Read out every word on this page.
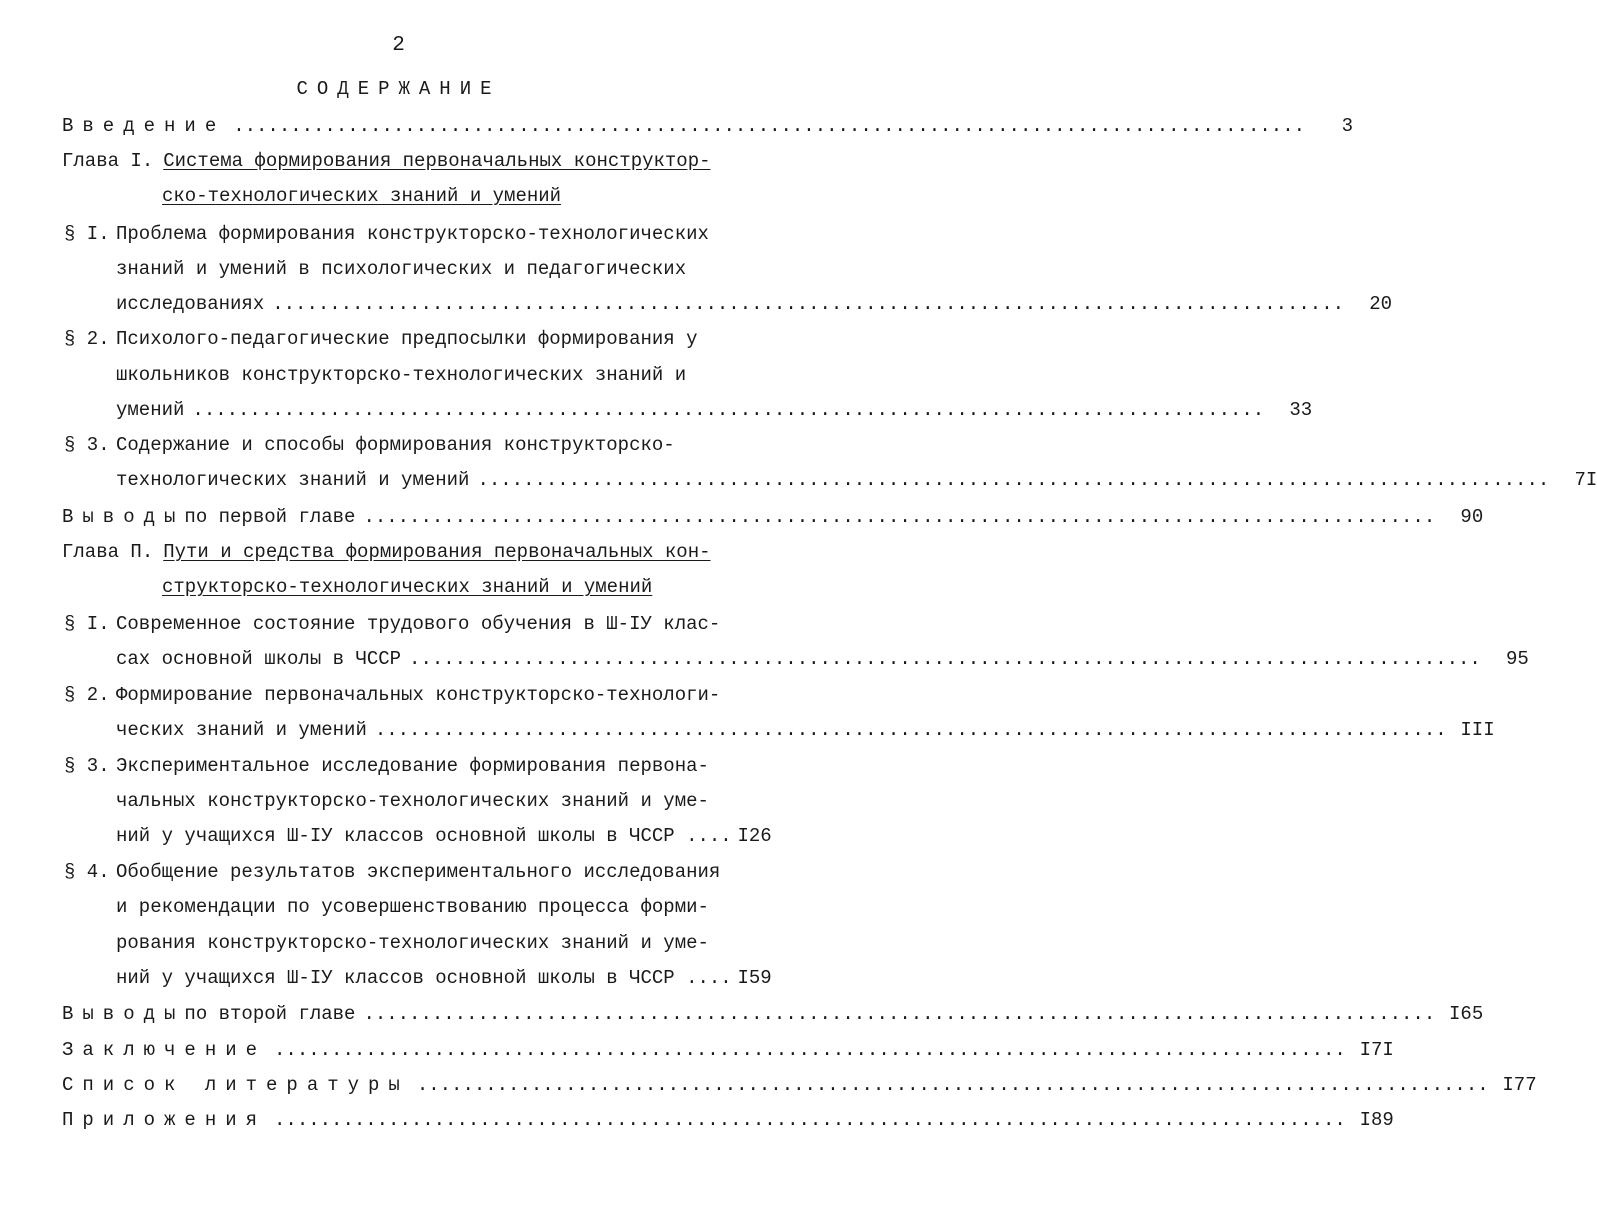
2
СОДЕРЖАНИЕ
Введение ..............................................................................................	3
Глава I. Система формирования первоначальных конструктор-
ско-технологических знаний и умений
§ I. Проблема формирования конструкторско-технологических
знаний и умений в психологических и педагогических
исследованиях ..............................................................................................	20
§ 2. Психолого-педагогические предпосылки формирования у
школьников конструкторско-технологических знаний и
умений ..............................................................................................	33
§ 3. Содержание и способы формирования конструкторско-
технологических знаний и умений ..............................................................................................	7I
Выводы по первой главе ..............................................................................................	90
Глава П. Пути и средства формирования первоначальных кон-
структорско-технологических знаний и умений
§ I. Современное состояние трудового обучения в Ш-IУ клас-
сах основной школы в ЧССР ..............................................................................................	95
§ 2. Формирование первоначальных конструкторско-технологи-
ческих знаний и умений .............................................................................................. III
§ 3. Экспериментальное исследование формирования первона-
чальных конструкторско-технологических знаний и уме-
ний у учащихся Ш-IУ классов основной школы в ЧССР .... I26
§ 4. Обобщение результатов экспериментального исследования
и рекомендации по усовершенствованию процесса форми-
рования конструкторско-технологических знаний и уме-
ний у учащихся Ш-IУ классов основной школы в ЧССР .... I59
Выводы по второй главе .............................................................................................. I65
Заключение .............................................................................................. I7I
Список литературы .............................................................................................. I77
Приложения .............................................................................................. I89
